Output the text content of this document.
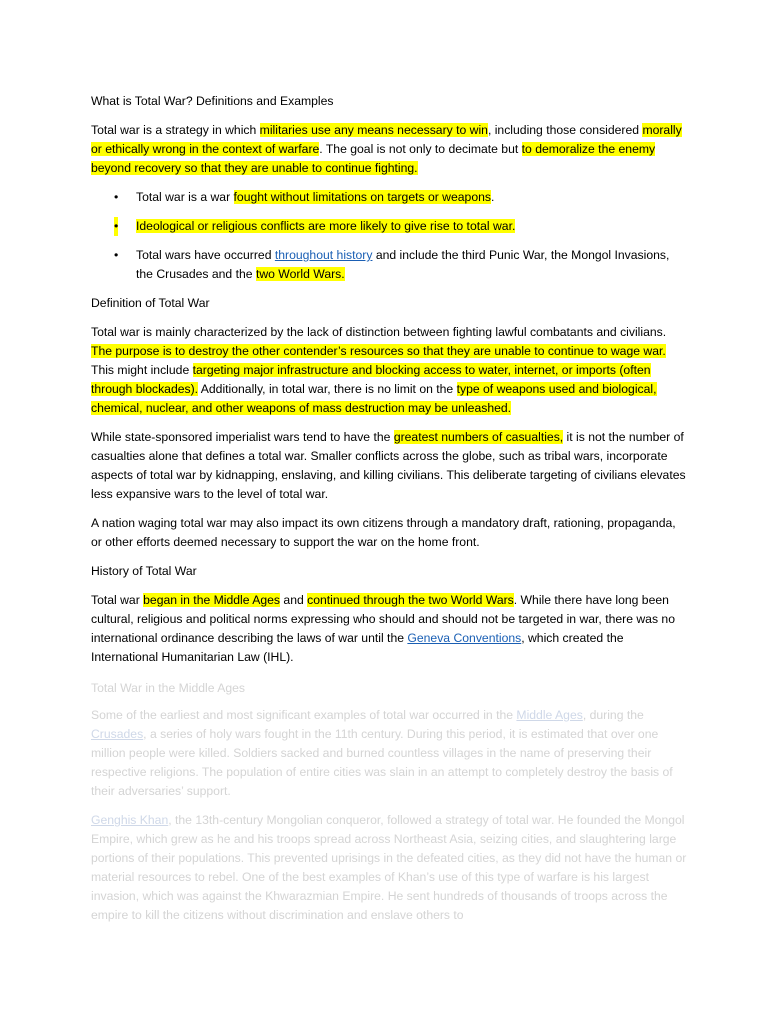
What is Total War? Definitions and Examples

Total war is a strategy in which militaries use any means necessary to win, including those considered morally or ethically wrong in the context of warfare. The goal is not only to decimate but to demoralize the enemy beyond recovery so that they are unable to continue fighting.

• Total war is a war fought without limitations on targets or weapons.
• Ideological or religious conflicts are more likely to give rise to total war.
• Total wars have occurred throughout history and include the third Punic War, the Mongol Invasions, the Crusades and the two World Wars.

Definition of Total War

Total war is mainly characterized by the lack of distinction between fighting lawful combatants and civilians. The purpose is to destroy the other contender’s resources so that they are unable to continue to wage war. This might include targeting major infrastructure and blocking access to water, internet, or imports (often through blockades). Additionally, in total war, there is no limit on the type of weapons used and biological, chemical, nuclear, and other weapons of mass destruction may be unleashed.

While state-sponsored imperialist wars tend to have the greatest numbers of casualties, it is not the number of casualties alone that defines a total war. Smaller conflicts across the globe, such as tribal wars, incorporate aspects of total war by kidnapping, enslaving, and killing civilians. This deliberate targeting of civilians elevates less expansive wars to the level of total war.

A nation waging total war may also impact its own citizens through a mandatory draft, rationing, propaganda, or other efforts deemed necessary to support the war on the home front.

History of Total War

Total war began in the Middle Ages and continued through the two World Wars. While there have long been cultural, religious and political norms expressing who should and should not be targeted in war, there was no international ordinance describing the laws of war until the Geneva Conventions, which created the International Humanitarian Law (IHL).

Total War in the Middle Ages

Some of the earliest and most significant examples of total war occurred in the Middle Ages, during the Crusades, a series of holy wars fought in the 11th century. During this period, it is estimated that over one million people were killed. Soldiers sacked and burned countless villages in the name of preserving their respective religions. The population of entire cities was slain in an attempt to completely destroy the basis of their adversaries’ support.

Genghis Khan, the 13th-century Mongolian conqueror, followed a strategy of total war. He founded the Mongol Empire, which grew as he and his troops spread across Northeast Asia, seizing cities, and slaughtering large portions of their populations. This prevented uprisings in the defeated cities, as they did not have the human or material resources to rebel. One of the best examples of Khan’s use of this type of warfare is his largest invasion, which was against the Khwarazmian Empire. He sent hundreds of thousands of troops across the empire to kill the citizens without discrimination and enslave others to
